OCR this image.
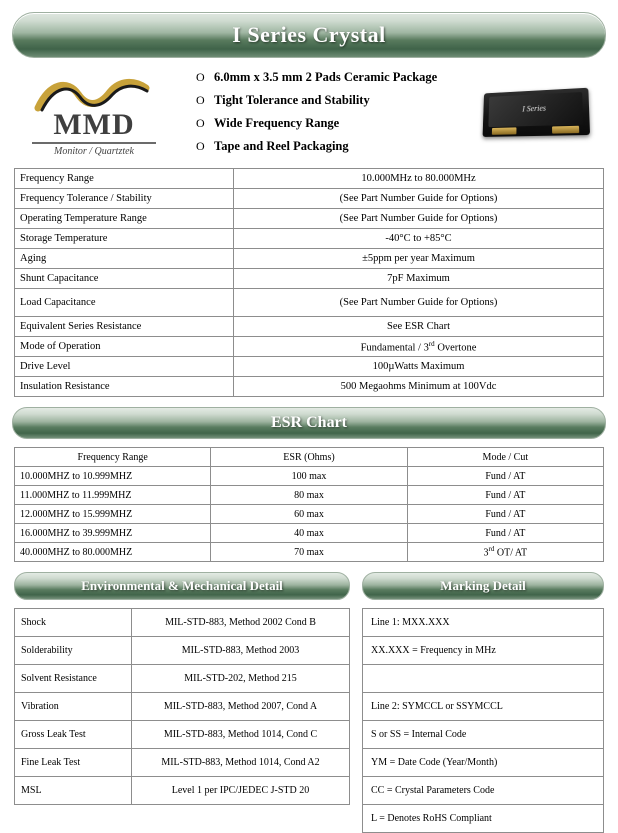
I Series Crystal
MMD
Monitor / Quartztek
O 6.0mm x 3.5 mm 2 Pads Ceramic Package
O Tight Tolerance and Stability
O Wide Frequency Range
O Tape and Reel Packaging
I Series
Frequency Range	10.000MHz to 80.000MHz
Frequency Tolerance / Stability	(See Part Number Guide for Options)
Operating Temperature Range	(See Part Number Guide for Options)
Storage Temperature	-40°C to +85°C
Aging	±5ppm per year Maximum
Shunt Capacitance	7pF Maximum
Load Capacitance	(See Part Number Guide for Options)
Equivalent Series Resistance	See ESR Chart
Mode of Operation	Fundamental / 3rd Overtone
Drive Level	100µWatts Maximum
Insulation Resistance	500 Megaohms Minimum at 100Vdc
ESR Chart
Frequency Range	ESR (Ohms)	Mode / Cut
10.000MHZ to 10.999MHZ	100 max	Fund / AT
11.000MHZ to 11.999MHZ	80 max	Fund / AT
12.000MHZ to 15.999MHZ	60 max	Fund / AT
16.000MHZ to 39.999MHZ	40 max	Fund / AT
40.000MHZ to 80.000MHZ	70 max	3rd OT/ AT
Environmental & Mechanical Detail
Shock	MIL-STD-883, Method 2002 Cond B
Solderability	MIL-STD-883, Method 2003
Solvent Resistance	MIL-STD-202, Method 215
Vibration	MIL-STD-883, Method 2007, Cond A
Gross Leak Test	MIL-STD-883, Method 1014, Cond C
Fine Leak Test	MIL-STD-883, Method 1014, Cond A2
MSL	Level 1 per IPC/JEDEC J-STD 20
Marking Detail
Line 1: MXX.XXX
XX.XXX = Frequency in MHz

Line 2: SYMCCL or SSYMCCL
S or SS = Internal Code
YM = Date Code (Year/Month)
CC = Crystal Parameters Code
L = Denotes RoHS Compliant
